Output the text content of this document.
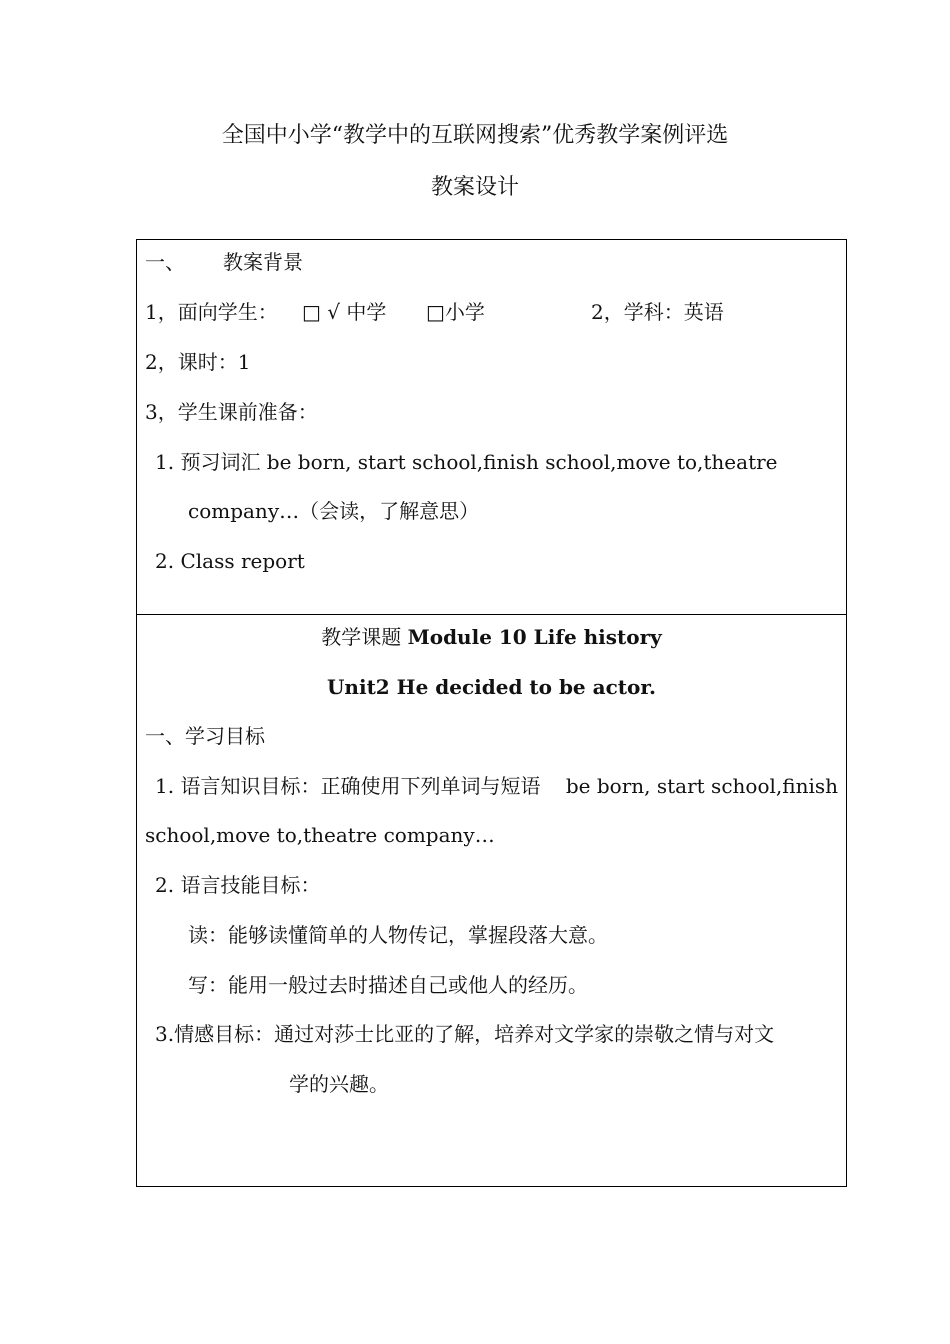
全国中小学“教学中的互联网搜索”优秀教学案例评选
教案设计
一、 教案背景
1，面向学生： □ √ 中学 □小学	2，学科：英语
2，课时：1
3，学生课前准备：
1. 预习词汇 be born, start school,finish school,move to,theatre
company…（会读，了解意思）
2. Class report
教学课题 Module 10 Life history
Unit2 He decided to be actor.
一、学习目标
1. 语言知识目标：正确使用下列单词与短语 be born, start school,finish
school,move to,theatre company…
2. 语言技能目标：
读：能够读懂简单的人物传记，掌握段落大意。
写：能用一般过去时描述自己或他人的经历。
3.情感目标：通过对莎士比亚的了解，培养对文学家的崇敬之情与对文
学的兴趣。
